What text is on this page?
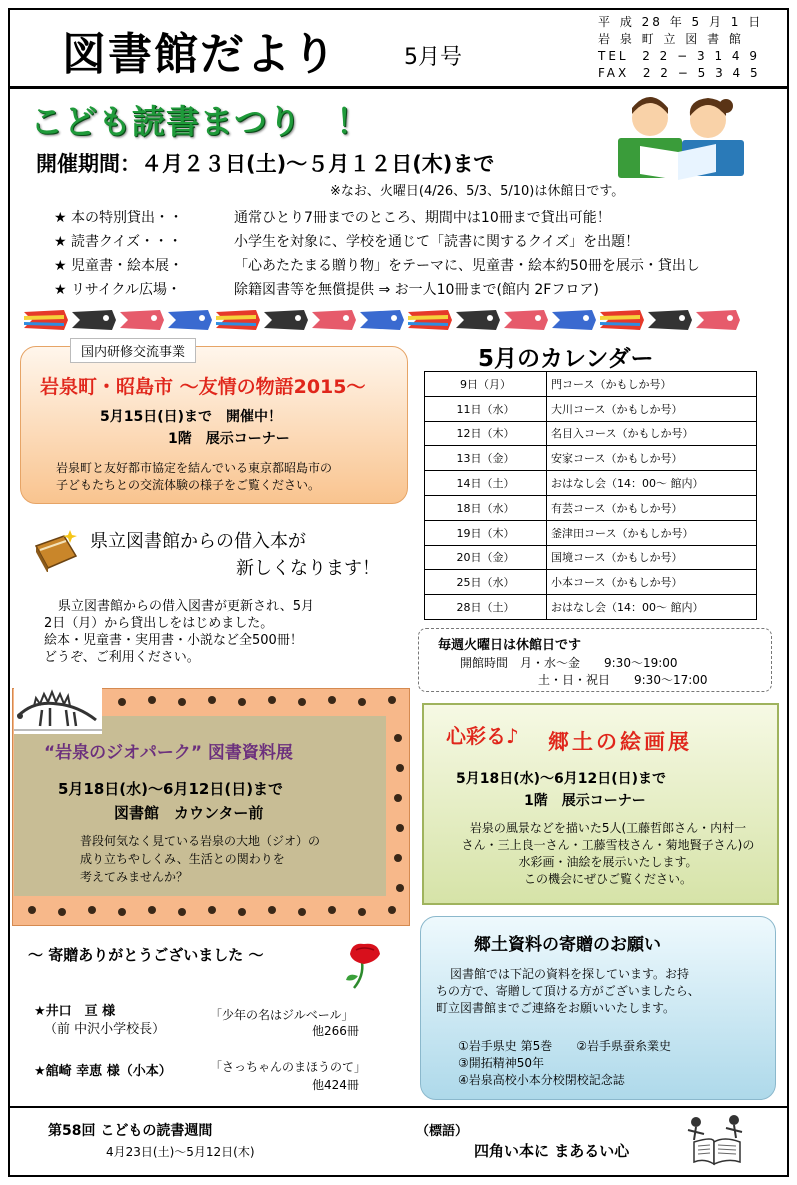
図書館だより	5月号
平 成 28 年 5 月 1 日
岩 泉 町 立 図 書 館
TEL  2 2 − 3 1 4 9
FAX  2 2 − 5 3 4 5
こども読書まつり　！
開催期間：４月２３日(土)～５月１２日(木)まで
※なお、火曜日(4/26、5/3、5/10)は休館日です。
★ 本の特別貸出・・	通常ひとり7冊までのところ、期間中は10冊まで貸出可能！
★ 読書クイズ・・・	小学生を対象に、学校を通じて「読書に関するクイズ」を出題！
★ 児童書・絵本展・	「心あたたまる贈り物」をテーマに、児童書・絵本約50冊を展示・貸出し
★ リサイクル広場・	除籍図書等を無償提供 ⇒ お一人10冊まで(館内 2Fフロア)
国内研修交流事業
岩泉町・昭島市 ～友情の物語2015～
5月15日(日)まで　開催中！
1階　展示コーナー
岩泉町と友好都市協定を結んでいる東京都昭島市の
子どもたちとの交流体験の様子をご覧ください。
5月のカレンダー
9日（月）	門コース（かもしか号）
11日（水）	大川コース（かもしか号）
12日（木）	名目入コース（かもしか号）
13日（金）	安家コース（かもしか号）
14日（土）	おはなし会（14：00～ 館内）
18日（水）	有芸コース（かもしか号）
19日（木）	釜津田コース（かもしか号）
20日（金）	国境コース（かもしか号）
25日（水）	小本コース（かもしか号）
28日（土）	おはなし会（14：00～ 館内）
毎週火曜日は休館日です
開館時間　月・水～金　　9:30～19:00
土・日・祝日　　9:30～17:00
県立図書館からの借入本が
新しくなります！
県立図書館からの借入図書が更新され、5月
2日（月）から貸出しをはじめました。
絵本・児童書・実用書・小説など全500冊！
どうぞ、ご利用ください。
“岩泉のジオパーク” 図書資料展
5月18日(水)～6月12日(日)まで
図書館　カウンター前
普段何気なく見ている岩泉の大地（ジオ）の
成り立ちやしくみ、生活との関わりを
考えてみませんか？
心彩る♪ 郷土の絵画展
5月18日(水)～6月12日(日)まで
1階　展示コーナー
岩泉の風景などを描いた5人(工藤哲郎さん・内村一
さん・三上良一さん・工藤雪枝さん・菊地賢子さん)の
水彩画・油絵を展示いたします。
この機会にぜひご覧ください。
～ 寄贈ありがとうございました ～
★井口　亘 様
（前 中沢小学校長）
「少年の名はジルベール」
他266冊
★舘崎 幸恵 様（小本）	「さっちゃんのまほうのて」
他424冊
郷土資料の寄贈のお願い
図書館では下記の資料を探しています。お持
ちの方で、寄贈して頂ける方がございましたら、
町立図書館までご連絡をお願いいたします。
①岩手県史 第5巻　　②岩手県蚕糸業史
③開拓精神50年
④岩泉高校小本分校閉校記念誌
第58回 こどもの読書週間
4月23日(土)～5月12日(木)
（標語）
四角い本に まあるい心
